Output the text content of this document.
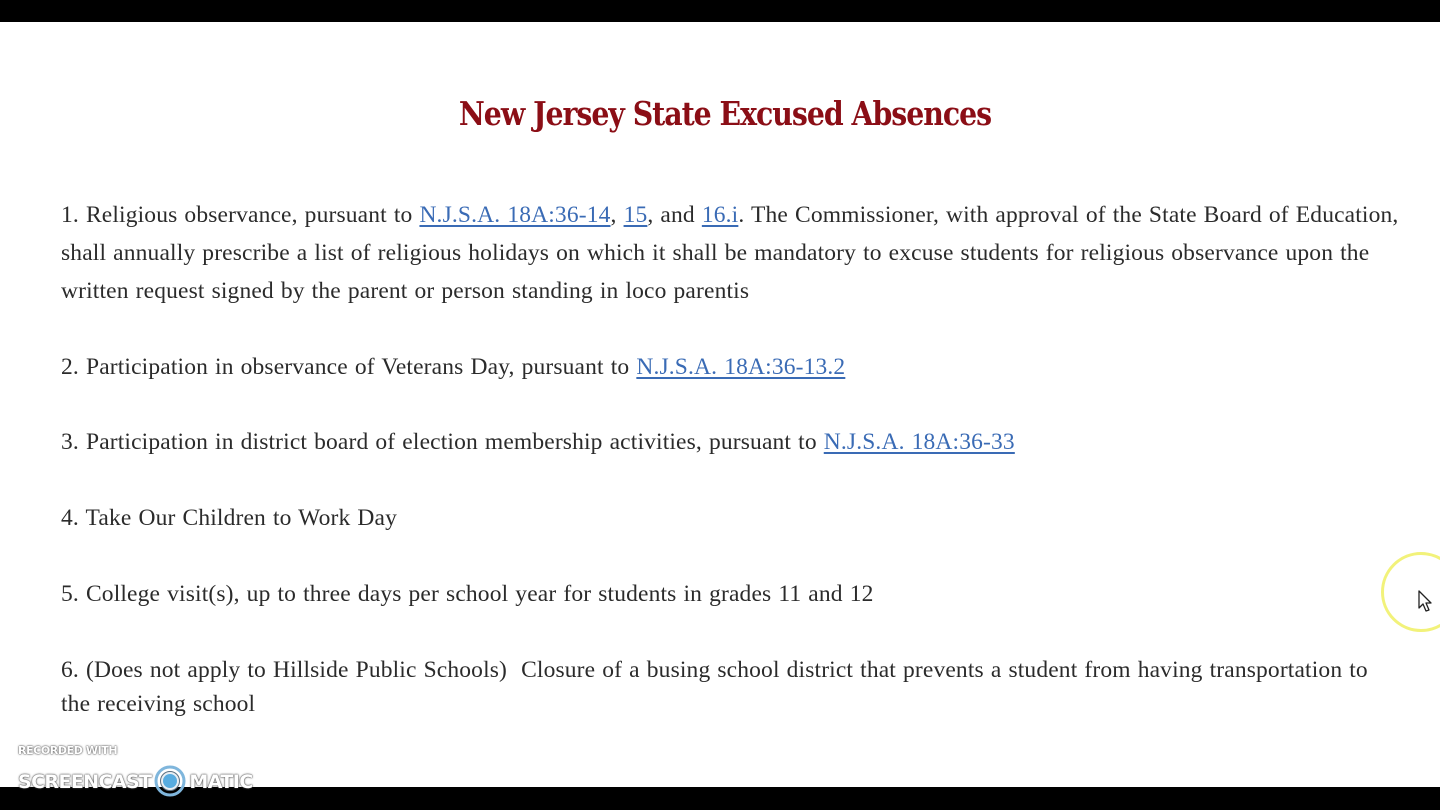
New Jersey State Excused Absences

1. Religious observance, pursuant to N.J.S.A. 18A:36-14, 15, and 16.i. The Commissioner, with approval of the State Board of Education, shall annually prescribe a list of religious holidays on which it shall be mandatory to excuse students for religious observance upon the written request signed by the parent or person standing in loco parentis

2. Participation in observance of Veterans Day, pursuant to N.J.S.A. 18A:36-13.2

3. Participation in district board of election membership activities, pursuant to N.J.S.A. 18A:36-33

4. Take Our Children to Work Day

5. College visit(s), up to three days per school year for students in grades 11 and 12

6. (Does not apply to Hillside Public Schools)  Closure of a busing school district that prevents a student from having transportation to the receiving school

RECORDED WITH
SCREENCAST MATIC
